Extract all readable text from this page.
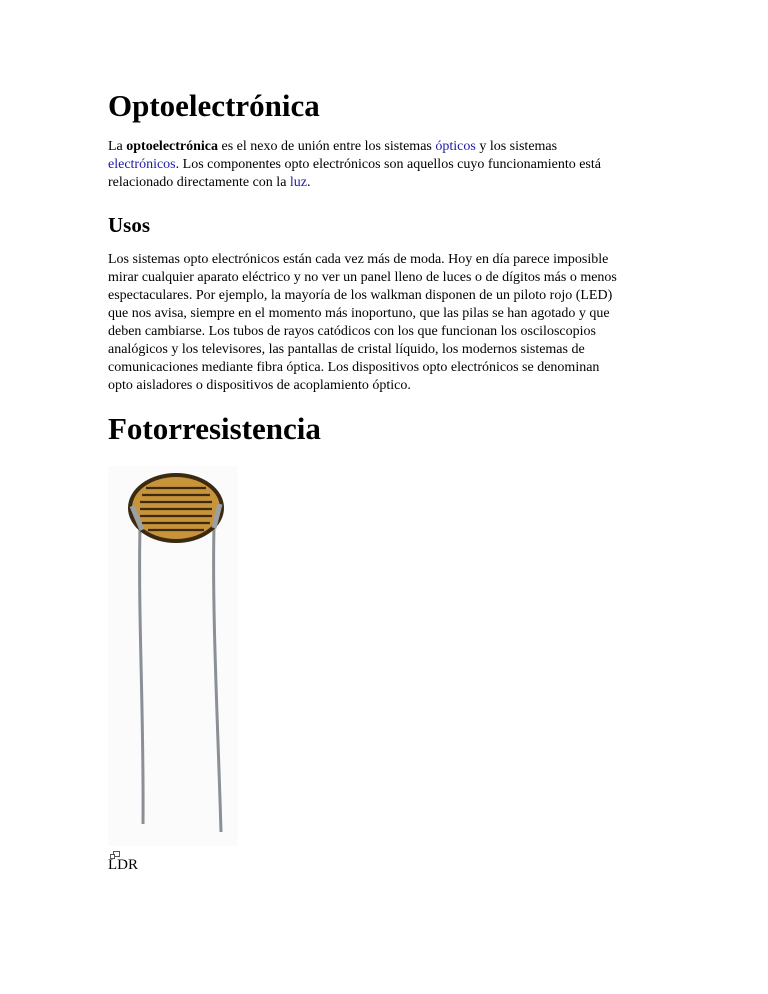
Optoelectrónica
La optoelectrónica es el nexo de unión entre los sistemas ópticos y los sistemas
electrónicos. Los componentes opto electrónicos son aquellos cuyo funcionamiento está
relacionado directamente con la luz.
Usos
Los sistemas opto electrónicos están cada vez más de moda. Hoy en día parece imposible
mirar cualquier aparato eléctrico y no ver un panel lleno de luces o de dígitos más o menos
espectaculares. Por ejemplo, la mayoría de los walkman disponen de un piloto rojo (LED)
que nos avisa, siempre en el momento más inoportuno, que las pilas se han agotado y que
deben cambiarse. Los tubos de rayos catódicos con los que funcionan los osciloscopios
analógicos y los televisores, las pantallas de cristal líquido, los modernos sistemas de
comunicaciones mediante fibra óptica. Los dispositivos opto electrónicos se denominan
opto aisladores o dispositivos de acoplamiento óptico.
Fotorresistencia
LDR
